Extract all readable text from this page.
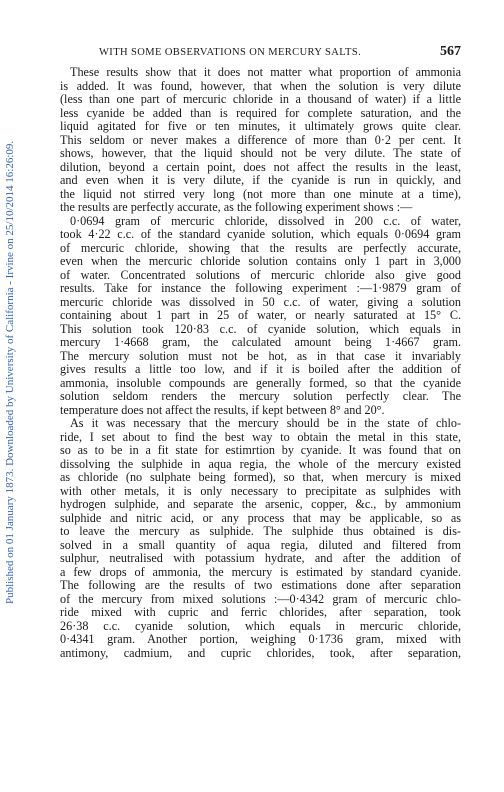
Published on 01 January 1873. Downloaded by University of California - Irvine on 25/10/2014 16:26:09.
WITH SOME OBSERVATIONS ON MERCURY SALTS.	567
These results show that it does not matter what proportion of ammonia
is added. It was found, however, that when the solution is very dilute
(less than one part of mercuric chloride in a thousand of water) if a little
less cyanide be added than is required for complete saturation, and the
liquid agitated for five or ten minutes, it ultimately grows quite clear.
This seldom or never makes a difference of more than 0·2 per cent. It
shows, however, that the liquid should not be very dilute. The state of
dilution, beyond a certain point, does not affect the results in the least,
and even when it is very dilute, if the cyanide is run in quickly, and
the liquid not stirred very long (not more than one minute at a time),
the results are perfectly accurate, as the following experiment shows :—
0·0694 gram of mercuric chloride, dissolved in 200 c.c. of water,
took 4·22 c.c. of the standard cyanide solution, which equals 0·0694 gram
of mercuric chloride, showing that the results are perfectly accurate,
even when the mercuric chloride solution contains only 1 part in 3,000
of water. Concentrated solutions of mercuric chloride also give good
results. Take for instance the following experiment :—1·9879 gram of
mercuric chloride was dissolved in 50 c.c. of water, giving a solution
containing about 1 part in 25 of water, or nearly saturated at 15° C.
This solution took 120·83 c.c. of cyanide solution, which equals in
mercury 1·4668 gram, the calculated amount being 1·4667 gram.
The mercury solution must not be hot, as in that case it invariably
gives results a little too low, and if it is boiled after the addition of
ammonia, insoluble compounds are generally formed, so that the cyanide
solution seldom renders the mercury solution perfectly clear. The
temperature does not affect the results, if kept between 8° and 20°.
As it was necessary that the mercury should be in the state of chlo-
ride, I set about to find the best way to obtain the metal in this state,
so as to be in a fit state for estimrtion by cyanide. It was found that on
dissolving the sulphide in aqua regia, the whole of the mercury existed
as chloride (no sulphate being formed), so that, when mercury is mixed
with other metals, it is only necessary to precipitate as sulphides with
hydrogen sulphide, and separate the arsenic, copper, &c., by ammonium
sulphide and nitric acid, or any process that may be applicable, so as
to leave the mercury as sulphide. The sulphide thus obtained is dis-
solved in a small quantity of aqua regia, diluted and filtered from
sulphur, neutralised with potassium hydrate, and after the addition of
a few drops of ammonia, the mercury is estimated by standard cyanide.
The following are the results of two estimations done after separation
of the mercury from mixed solutions :—0·4342 gram of mercuric chlo-
ride mixed with cupric and ferric chlorides, after separation, took
26·38 c.c. cyanide solution, which equals in mercuric chloride,
0·4341 gram. Another portion, weighing 0·1736 gram, mixed with
antimony, cadmium, and cupric chlorides, took, after separation,
